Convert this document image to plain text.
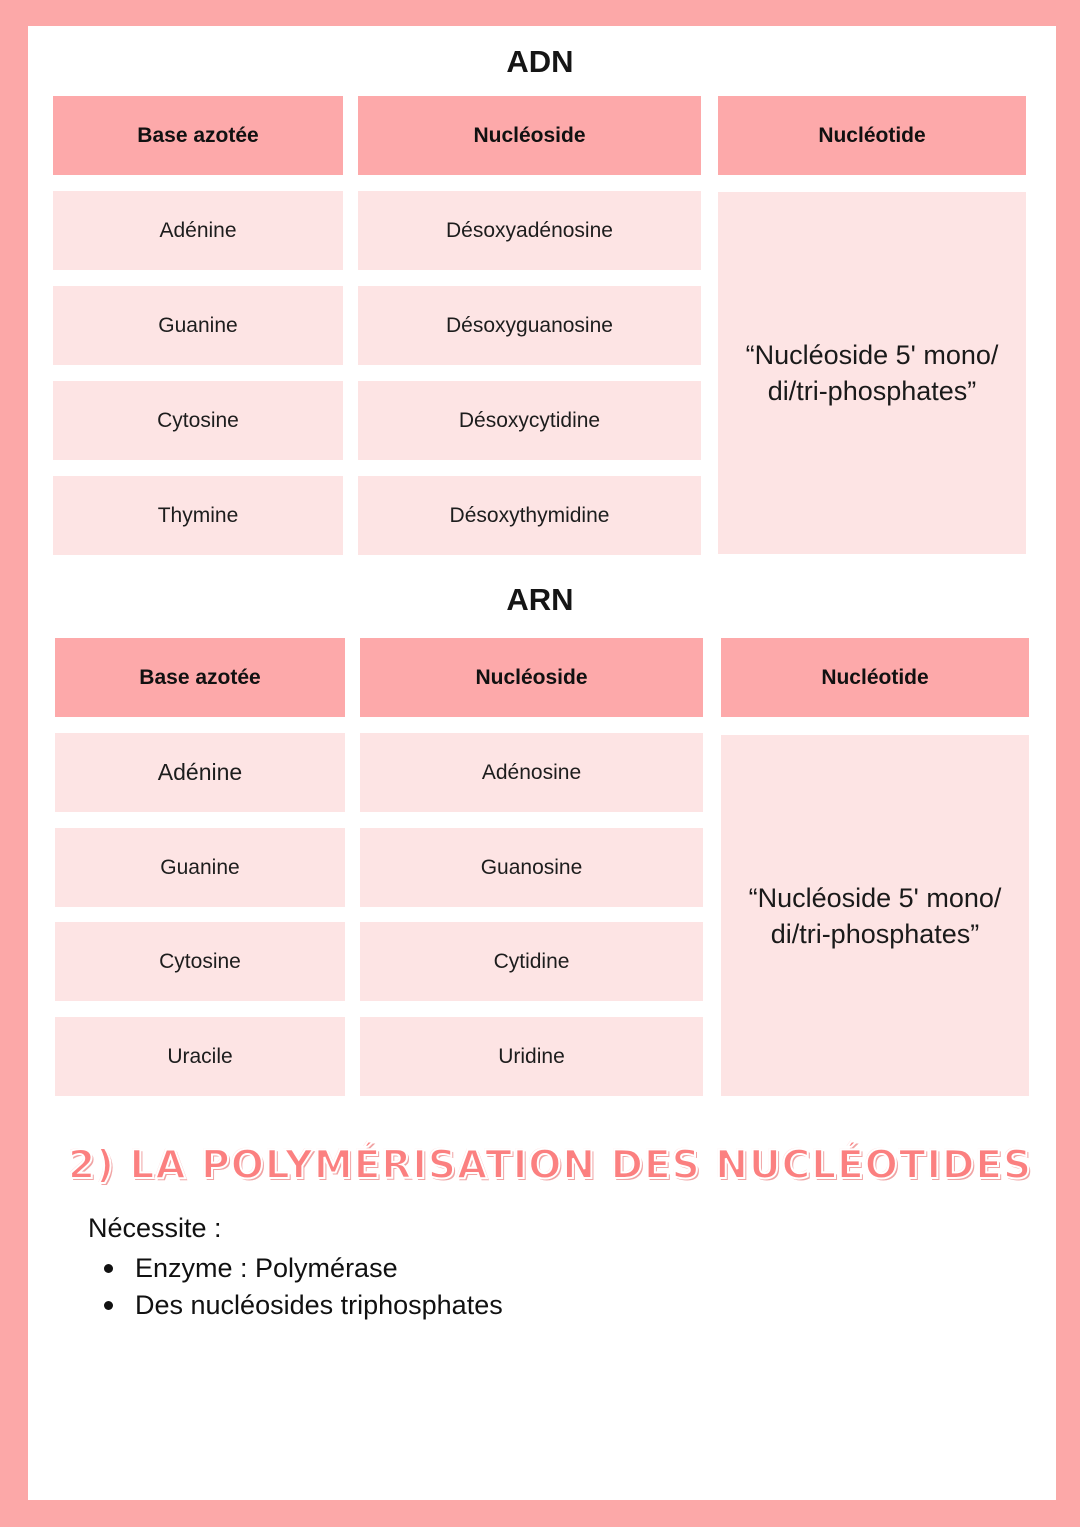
ADN
Base azotée	Nucléoside	Nucléotide
Adénine	Désoxyadénosine
Guanine	Désoxyguanosine
Cytosine	Désoxycytidine
Thymine	Désoxythymidine
“Nucléoside 5' mono/
di/tri-phosphates”
ARN
Base azotée	Nucléoside	Nucléotide
Adénine	Adénosine
Guanine	Guanosine
Cytosine	Cytidine
Uracile	Uridine
“Nucléoside 5' mono/
di/tri-phosphates”
2) LA POLYMÉRISATION DES NUCLÉOTIDES

Nécessite :

Enzyme : Polymérase
Des nucléosides triphosphates
